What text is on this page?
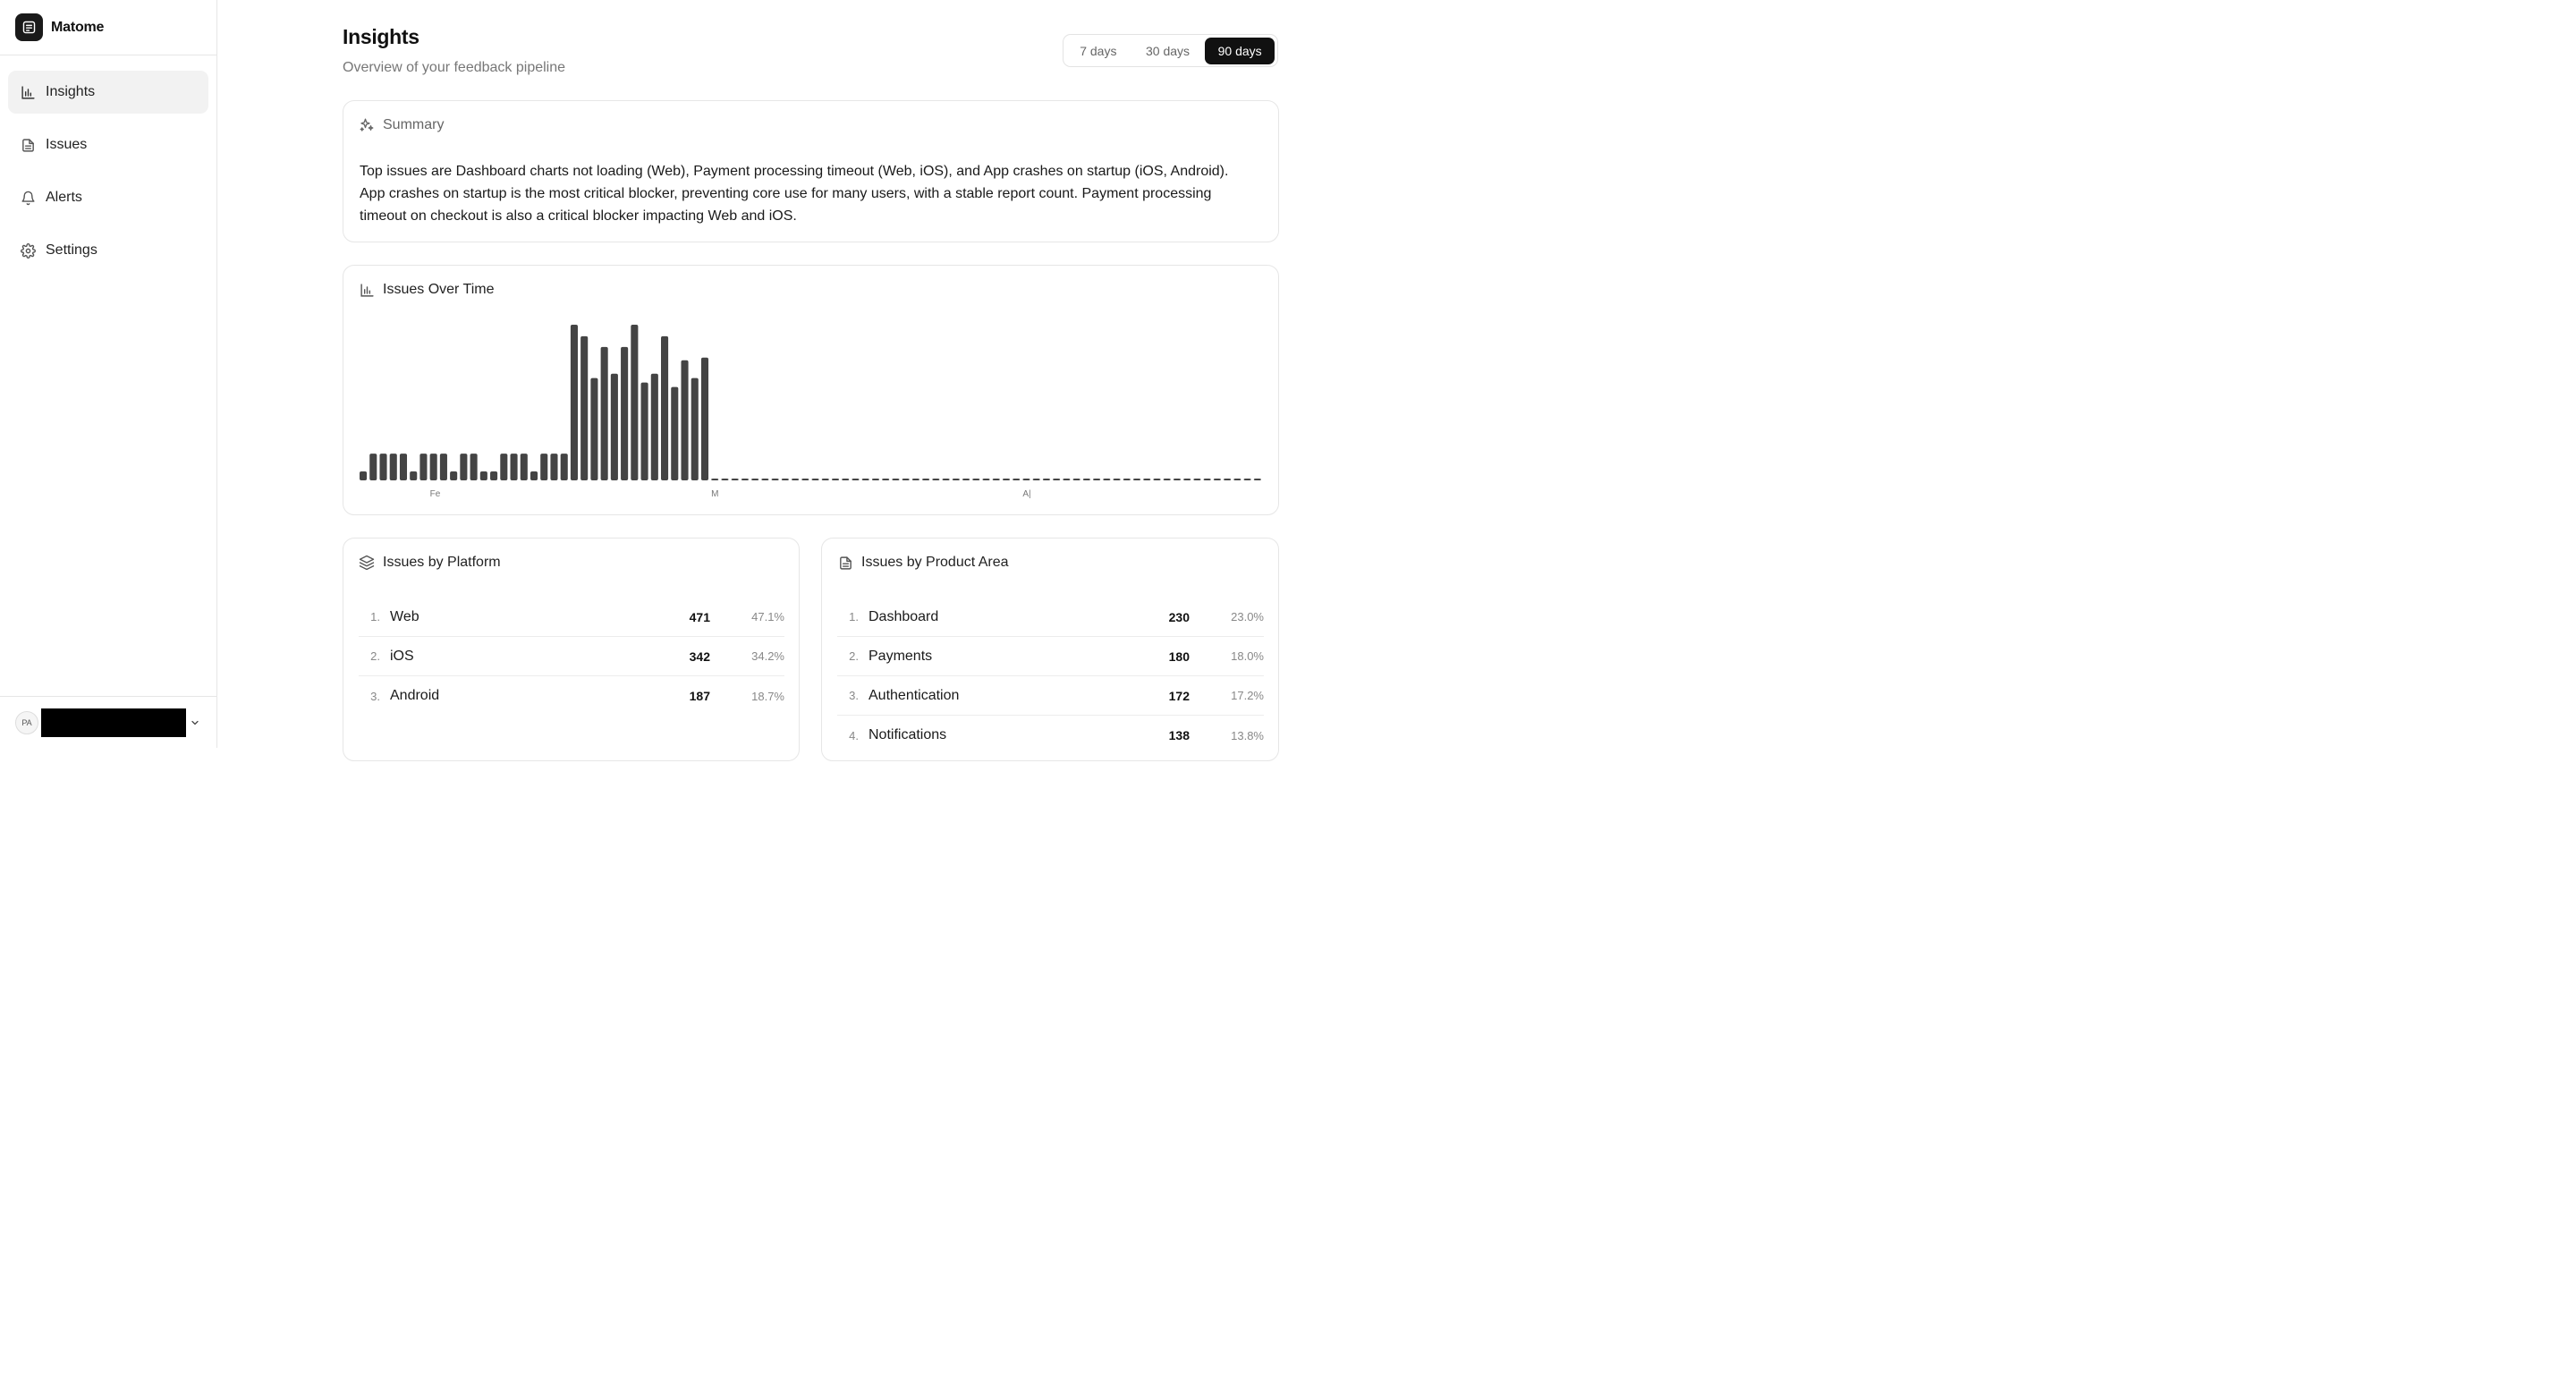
Matome
Insights
Issues
Alerts
Settings
PA
Insights

Overview of your feedback pipeline

7 days	30 days	90 days
Summary

Top issues are Dashboard charts not loading (Web), Payment processing timeout (Web, iOS), and App crashes on startup (iOS, Android). App crashes on startup is the most critical blocker, preventing core use for many users, with a stable report count. Payment processing timeout on checkout is also a critical blocker impacting Web and iOS.

Issues Over Time
Fe	M	A|
Issues by Platform
1. Web	471	47.1%
2. iOS	342	34.2%
3. Android	187	18.7%
Issues by Product Area
1. Dashboard	230	23.0%
2. Payments	180	18.0%
3. Authentication	172	17.2%
4. Notifications	138	13.8%
